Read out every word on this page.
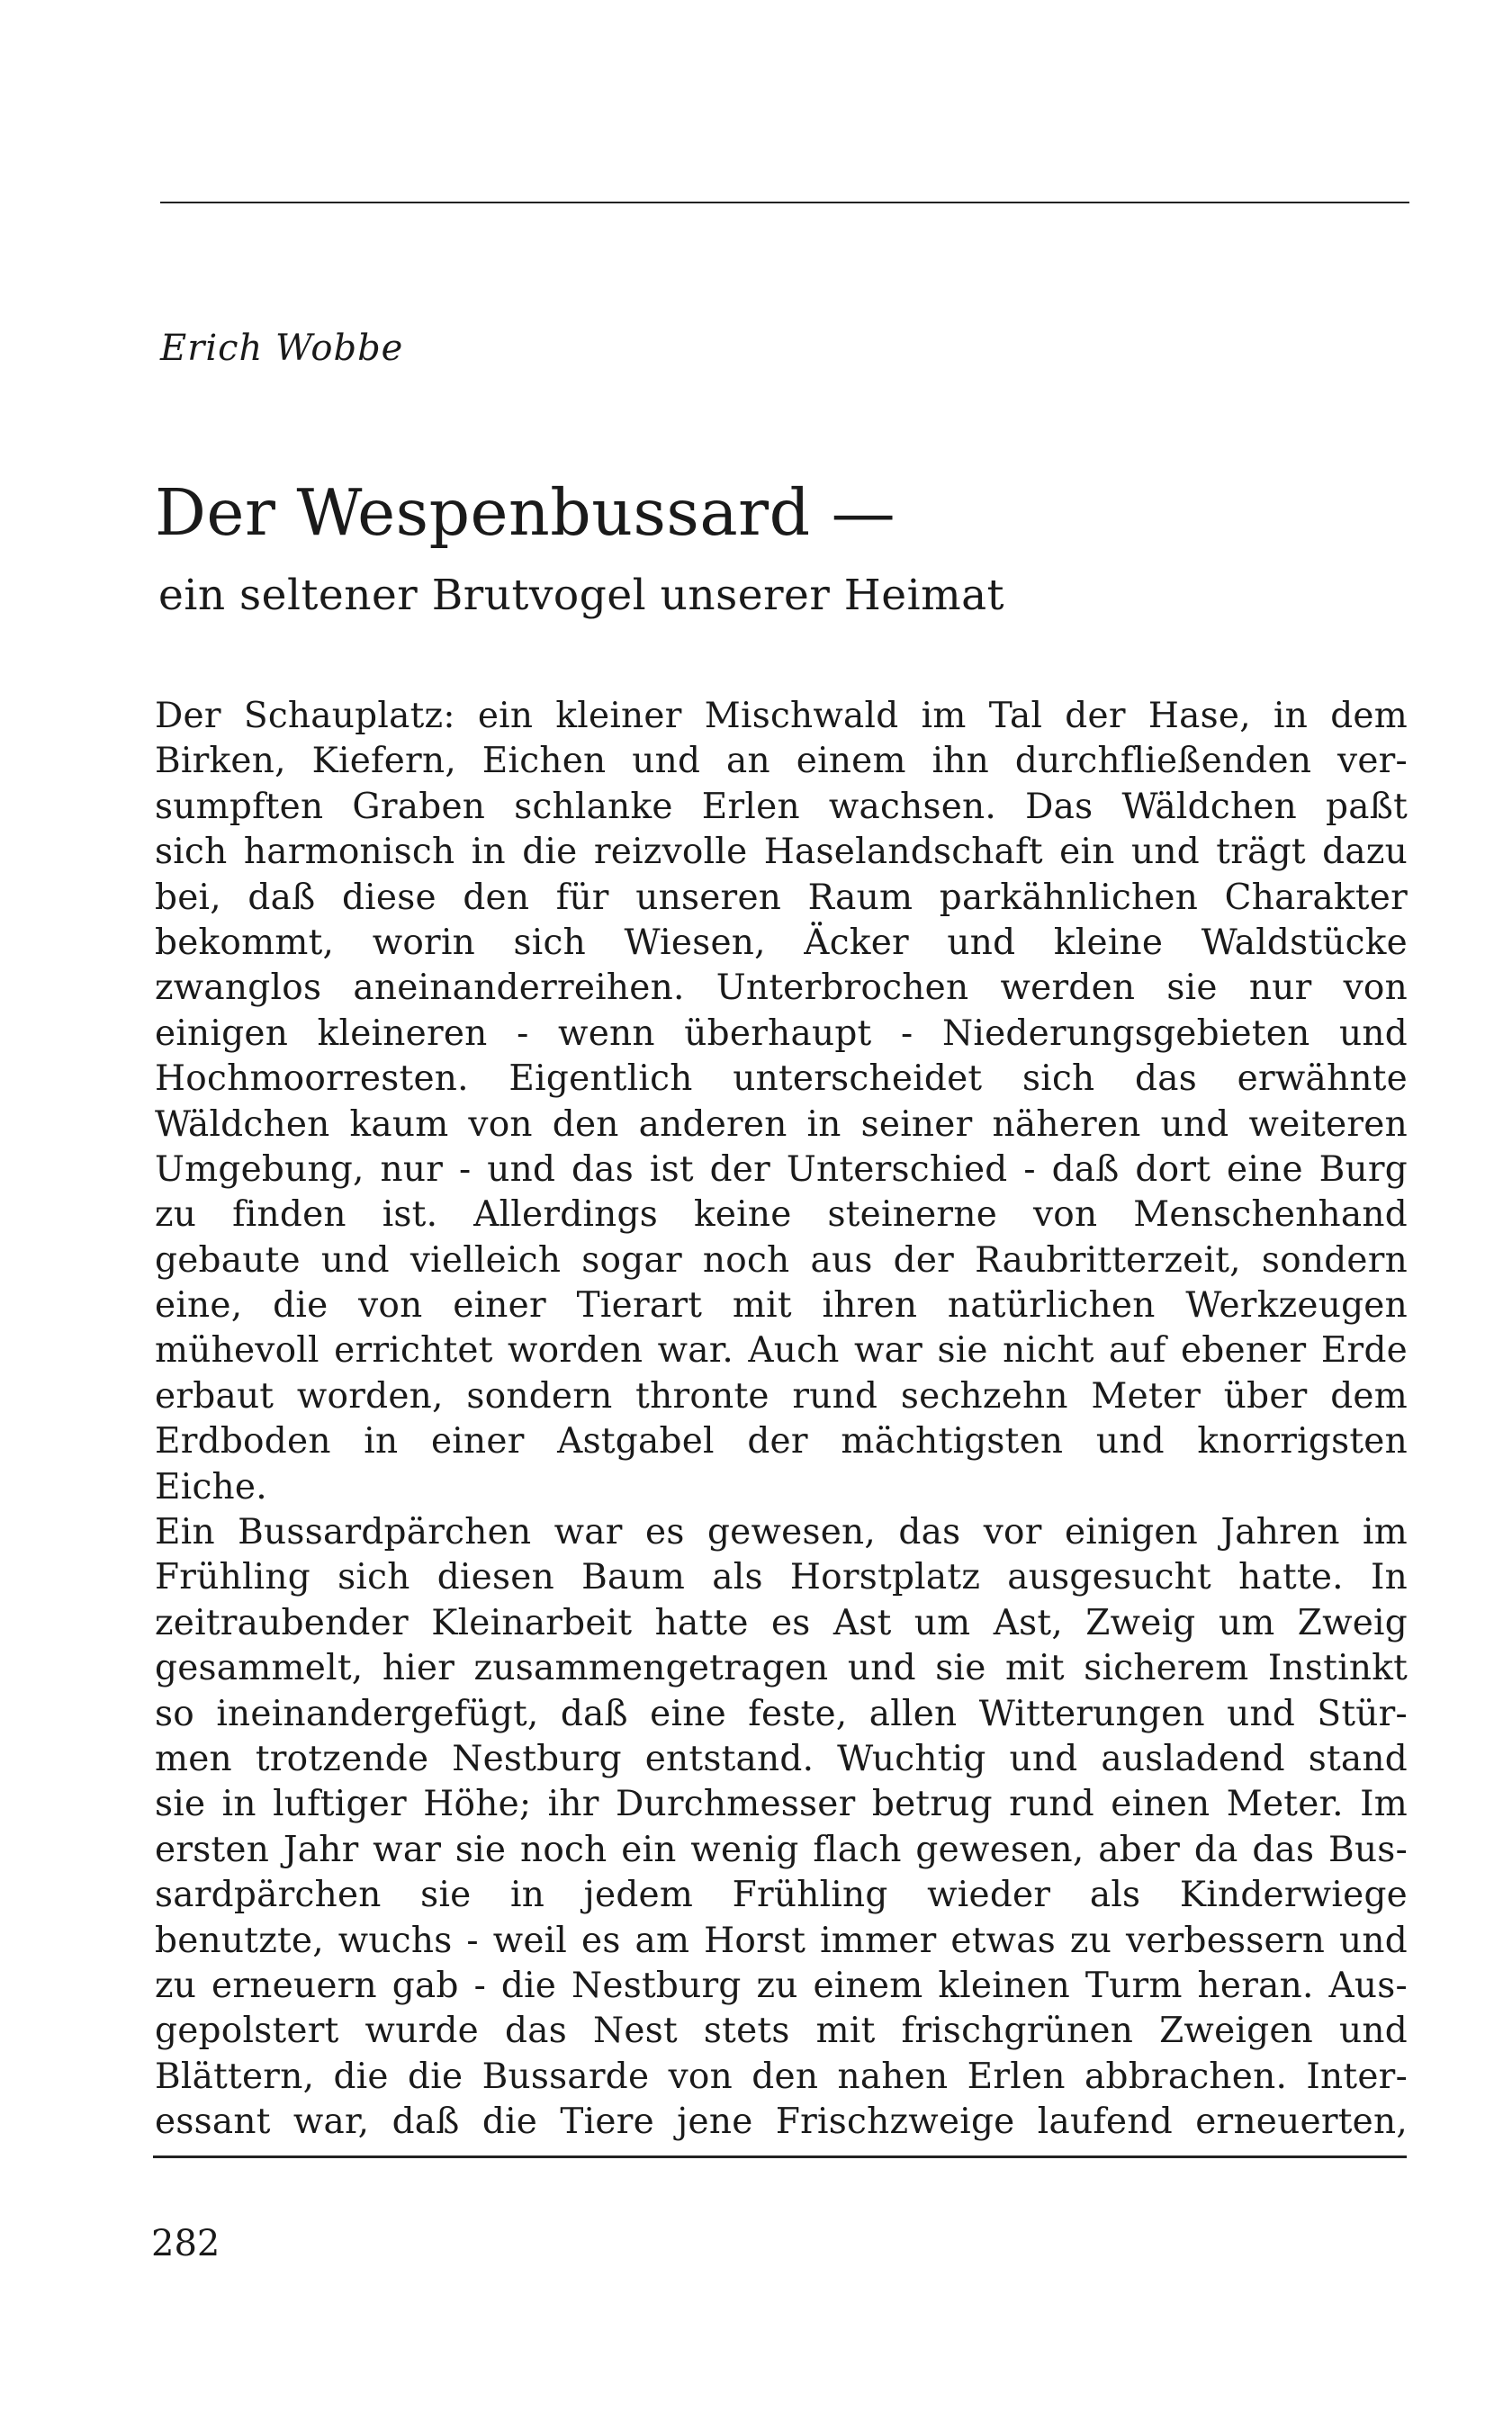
Erich Wobbe
Der Wespenbussard —
ein seltener Brutvogel unserer Heimat
Der Schauplatz: ein kleiner Mischwald im Tal der Hase, in dem
Birken, Kiefern, Eichen und an einem ihn durchfließenden ver-
sumpften Graben schlanke Erlen wachsen. Das Wäldchen paßt
sich harmonisch in die reizvolle Haselandschaft ein und trägt dazu
bei, daß diese den für unseren Raum parkähnlichen Charakter
bekommt, worin sich Wiesen, Äcker und kleine Waldstücke
zwanglos aneinanderreihen. Unterbrochen werden sie nur von
einigen kleineren - wenn überhaupt - Niederungsgebieten und
Hochmoorresten. Eigentlich unterscheidet sich das erwähnte
Wäldchen kaum von den anderen in seiner näheren und weiteren
Umgebung, nur - und das ist der Unterschied - daß dort eine Burg
zu finden ist. Allerdings keine steinerne von Menschenhand
gebaute und vielleich sogar noch aus der Raubritterzeit, sondern
eine, die von einer Tierart mit ihren natürlichen Werkzeugen
mühevoll errichtet worden war. Auch war sie nicht auf ebener Erde
erbaut worden, sondern thronte rund sechzehn Meter über dem
Erdboden in einer Astgabel der mächtigsten und knorrigsten
Eiche.
Ein Bussardpärchen war es gewesen, das vor einigen Jahren im
Frühling sich diesen Baum als Horstplatz ausgesucht hatte. In
zeitraubender Kleinarbeit hatte es Ast um Ast, Zweig um Zweig
gesammelt, hier zusammengetragen und sie mit sicherem Instinkt
so ineinandergefügt, daß eine feste, allen Witterungen und Stür-
men trotzende Nestburg entstand. Wuchtig und ausladend stand
sie in luftiger Höhe; ihr Durchmesser betrug rund einen Meter. Im
ersten Jahr war sie noch ein wenig flach gewesen, aber da das Bus-
sardpärchen sie in jedem Frühling wieder als Kinderwiege
benutzte, wuchs - weil es am Horst immer etwas zu verbessern und
zu erneuern gab - die Nestburg zu einem kleinen Turm heran. Aus-
gepolstert wurde das Nest stets mit frischgrünen Zweigen und
Blättern, die die Bussarde von den nahen Erlen abbrachen. Inter-
essant war, daß die Tiere jene Frischzweige laufend erneuerten,
282
